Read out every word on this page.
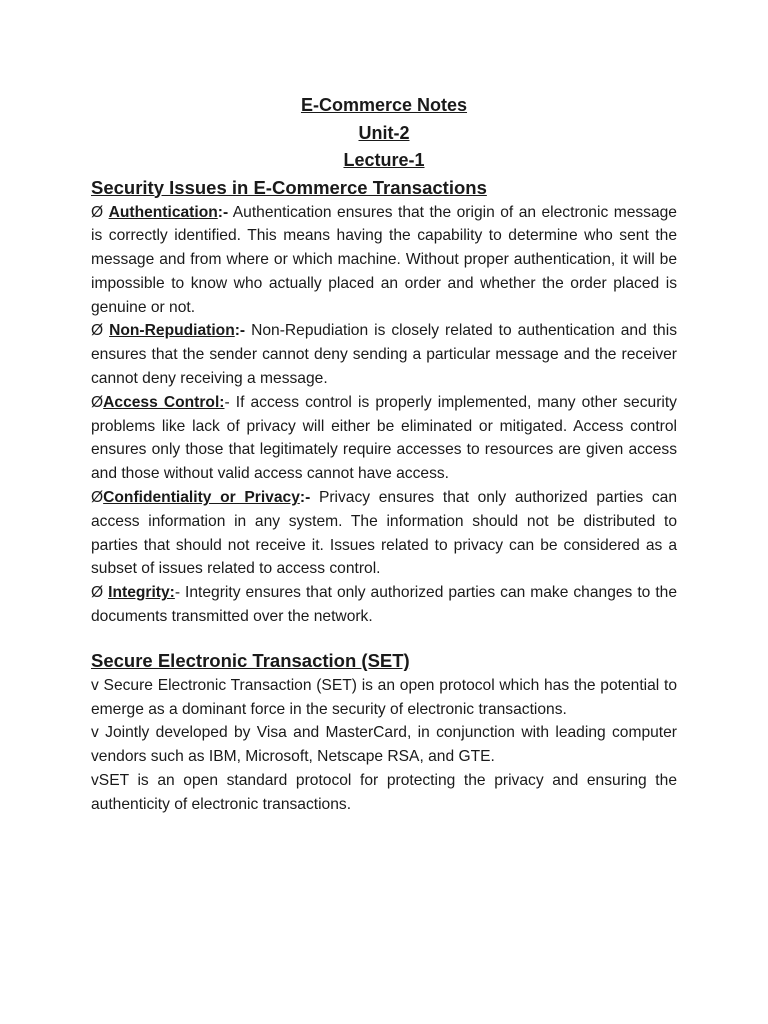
E-Commerce Notes

Unit-2

Lecture-1

Security Issues in E-Commerce Transactions

Ø Authentication:- Authentication ensures that the origin of an electronic message is correctly identified. This means having the capability to determine who sent the message and from where or which machine. Without proper authentication, it will be impossible to know who actually placed an order and whether the order placed is genuine or not.

Ø Non-Repudiation:- Non-Repudiation is closely related to authentication and this ensures that the sender cannot deny sending a particular message and the receiver cannot deny receiving a message.

ØAccess Control:- If access control is properly implemented, many other security problems like lack of privacy will either be eliminated or mitigated. Access control ensures only those that legitimately require accesses to resources are given access and those without valid access cannot have access.

ØConfidentiality or Privacy:- Privacy ensures that only authorized parties can access information in any system. The information should not be distributed to parties that should not receive it. Issues related to privacy can be considered as a subset of issues related to access control.

Ø Integrity:- Integrity ensures that only authorized parties can make changes to the documents transmitted over the network.

Secure Electronic Transaction (SET)

v Secure Electronic Transaction (SET) is an open protocol which has the potential to emerge as a dominant force in the security of electronic transactions.

v Jointly developed by Visa and MasterCard, in conjunction with leading computer vendors such as IBM, Microsoft, Netscape RSA, and GTE.

vSET is an open standard protocol for protecting the privacy and ensuring the authenticity of electronic transactions.
